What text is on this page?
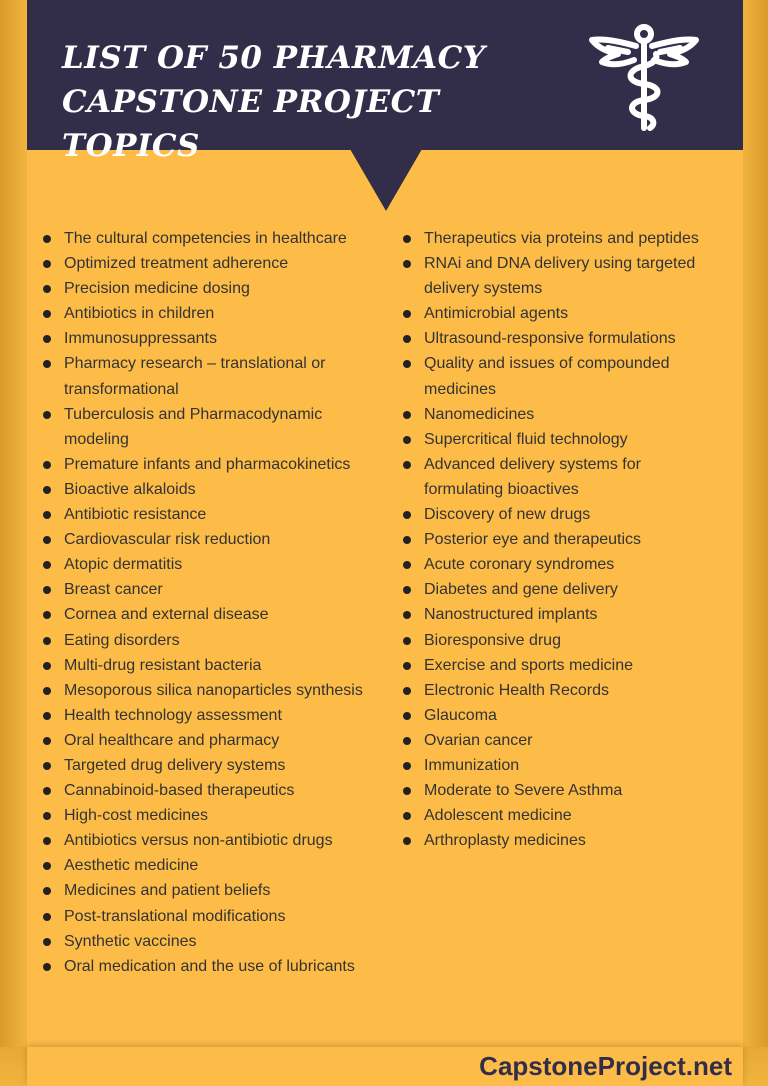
LIST OF 50 PHARMACY
CAPSTONE PROJECT TOPICS
The cultural competencies in healthcare
Optimized treatment adherence
Precision medicine dosing
Antibiotics in children
Immunosuppressants
Pharmacy research – translational or transformational
Tuberculosis and Pharmacodynamic modeling
Premature infants and pharmacokinetics
Bioactive alkaloids
Antibiotic resistance
Cardiovascular risk reduction
Atopic dermatitis
Breast cancer
Cornea and external disease
Eating disorders
Multi-drug resistant bacteria
Mesoporous silica nanoparticles synthesis
Health technology assessment
Oral healthcare and pharmacy
Targeted drug delivery systems
Cannabinoid-based therapeutics
High-cost medicines
Antibiotics versus non-antibiotic drugs
Aesthetic medicine
Medicines and patient beliefs
Post-translational modifications
Synthetic vaccines
Oral medication and the use of lubricants
Therapeutics via proteins and peptides
RNAi and DNA delivery using targeted delivery systems
Antimicrobial agents
Ultrasound-responsive formulations
Quality and issues of compounded medicines
Nanomedicines
Supercritical fluid technology
Advanced delivery systems for formulating bioactives
Discovery of new drugs
Posterior eye and therapeutics
Acute coronary syndromes
Diabetes and gene delivery
Nanostructured implants
Bioresponsive drug
Exercise and sports medicine
Electronic Health Records
Glaucoma
Ovarian cancer
Immunization
Moderate to Severe Asthma
Adolescent medicine
Arthroplasty medicines
CapstoneProject.net
